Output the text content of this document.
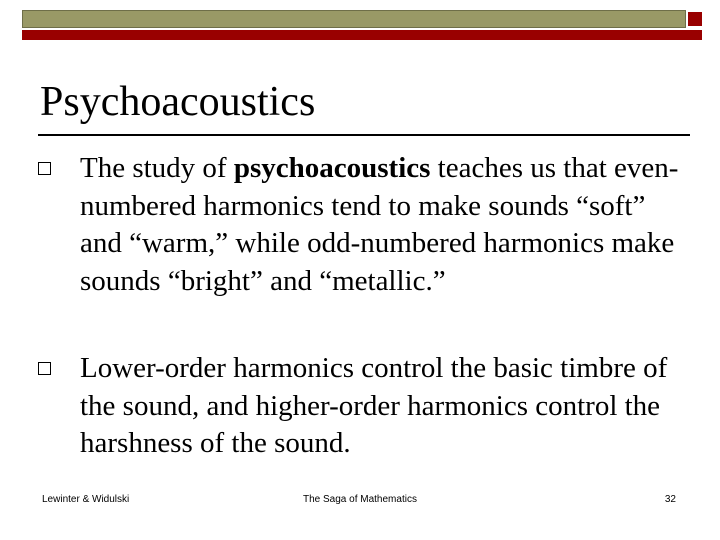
Psychoacoustics
The study of psychoacoustics teaches us that even-numbered harmonics tend to make sounds “soft” and “warm,” while odd-numbered harmonics make sounds “bright” and “metallic.”
Lower-order harmonics control the basic timbre of the sound, and higher-order harmonics control the harshness of the sound.
Lewinter & Widulski	The Saga of Mathematics	32
